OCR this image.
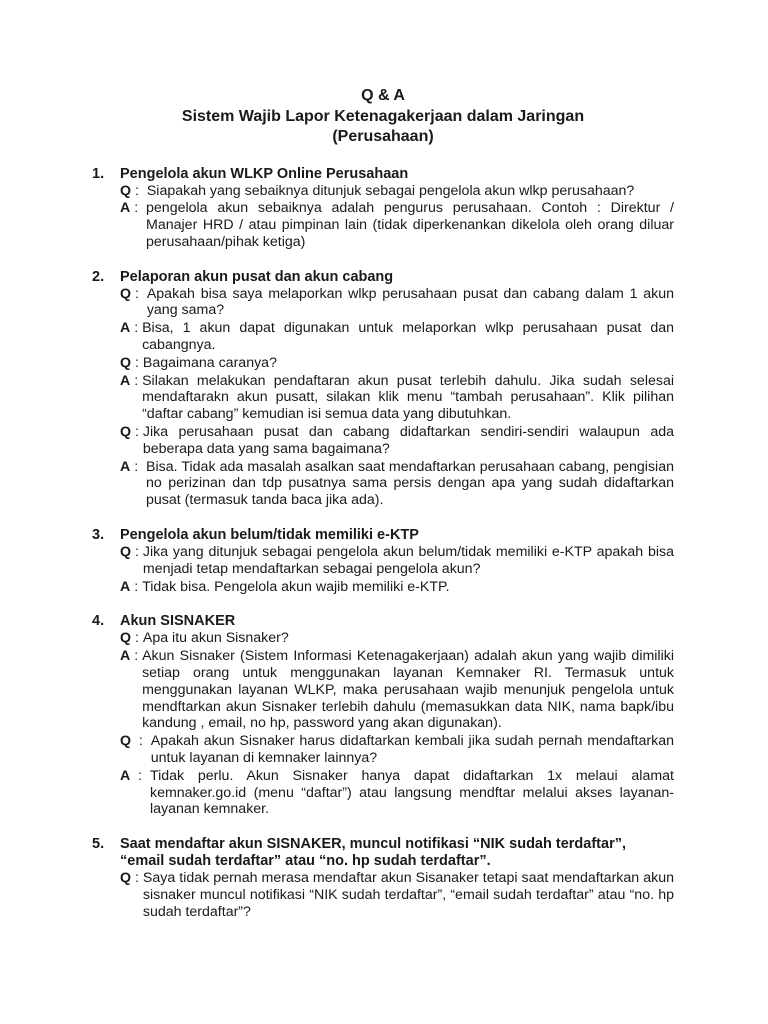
Q & A
Sistem Wajib Lapor Ketenagakerjaan dalam Jaringan
(Perusahaan)
1.	Pengelola akun WLKP Online Perusahaan
Q : Siapakah yang sebaiknya ditunjuk sebagai pengelola akun wlkp perusahaan?
A : pengelola akun sebaiknya adalah pengurus perusahaan. Contoh : Direktur / Manajer HRD / atau pimpinan lain (tidak diperkenankan dikelola oleh orang diluar perusahaan/pihak ketiga)
2.	Pelaporan akun pusat dan akun cabang
Q : Apakah bisa saya melaporkan wlkp perusahaan pusat dan cabang dalam 1 akun yang sama?
A : Bisa, 1 akun dapat digunakan untuk melaporkan wlkp perusahaan pusat dan cabangnya.
Q : Bagaimana caranya?
A : Silakan melakukan pendaftaran akun pusat terlebih dahulu. Jika sudah selesai mendaftarakn akun pusatt, silakan klik menu “tambah perusahaan”. Klik pilihan “daftar cabang” kemudian isi semua data yang dibutuhkan.
Q : Jika perusahaan pusat dan cabang didaftarkan sendiri-sendiri walaupun ada beberapa data yang sama bagaimana?
A : Bisa. Tidak ada masalah asalkan saat mendaftarkan perusahaan cabang, pengisian no perizinan dan tdp pusatnya sama persis dengan apa yang sudah didaftarkan pusat (termasuk tanda baca jika ada).
3.	Pengelola akun belum/tidak memiliki e-KTP
Q : Jika yang ditunjuk sebagai pengelola akun belum/tidak memiliki e-KTP apakah bisa menjadi tetap mendaftarkan sebagai pengelola akun?
A : Tidak bisa. Pengelola akun wajib memiliki e-KTP.
4.	Akun SISNAKER
Q : Apa itu akun Sisnaker?
A : Akun Sisnaker (Sistem Informasi Ketenagakerjaan) adalah akun yang wajib dimiliki setiap orang untuk menggunakan layanan Kemnaker RI. Termasuk untuk menggunakan layanan WLKP, maka perusahaan wajib menunjuk pengelola untuk mendftarkan akun Sisnaker terlebih dahulu (memasukkan data NIK, nama bapk/ibu kandung , email, no hp, password yang akan digunakan).
Q  : Apakah akun Sisnaker harus didaftarkan kembali jika sudah pernah mendaftarkan untuk layanan di kemnaker lainnya?
A  : Tidak perlu. Akun Sisnaker hanya dapat didaftarkan 1x melaui alamat kemnaker.go.id (menu “daftar”) atau langsung mendftar melalui akses layanan-layanan kemnaker.
5.	Saat mendaftar akun SISNAKER, muncul notifikasi “NIK sudah terdaftar”, “email sudah terdaftar” atau “no. hp sudah terdaftar”.
Q : Saya tidak pernah merasa mendaftar akun Sisanaker tetapi saat mendaftarkan akun sisnaker muncul notifikasi “NIK sudah terdaftar”, “email sudah terdaftar” atau “no. hp sudah terdaftar”?
